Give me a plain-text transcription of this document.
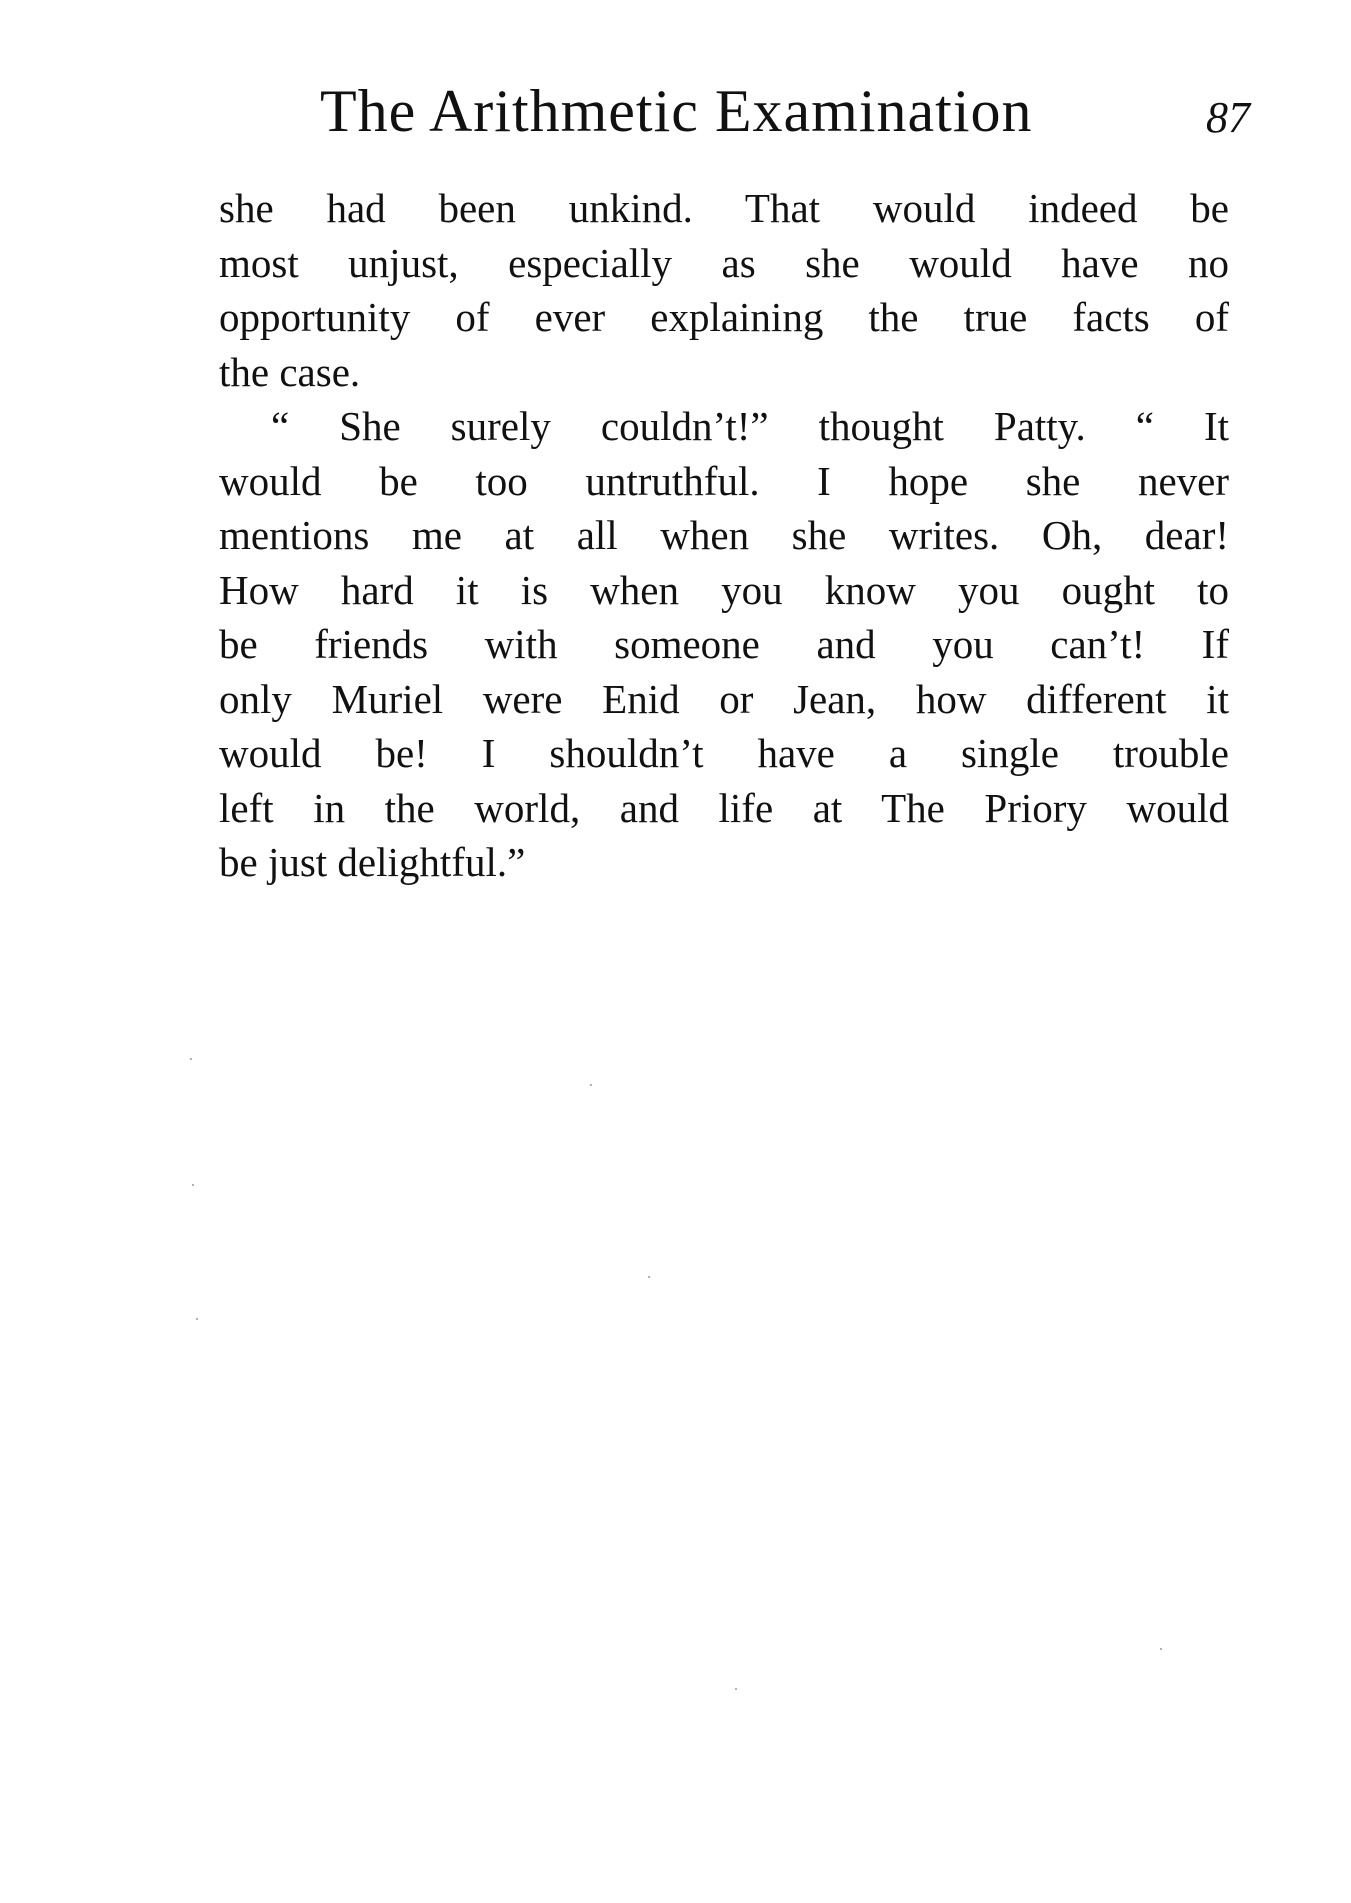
The Arithmetic Examination	87
she had been unkind. That would indeed be
most unjust, especially as she would have no
opportunity of ever explaining the true facts of
the case.
“ She surely couldn’t!” thought Patty. “ It
would be too untruthful. I hope she never
mentions me at all when she writes. Oh, dear!
How hard it is when you know you ought to
be friends with someone and you can’t! If
only Muriel were Enid or Jean, how different it
would be! I shouldn’t have a single trouble
left in the world, and life at The Priory would
be just delightful.”
